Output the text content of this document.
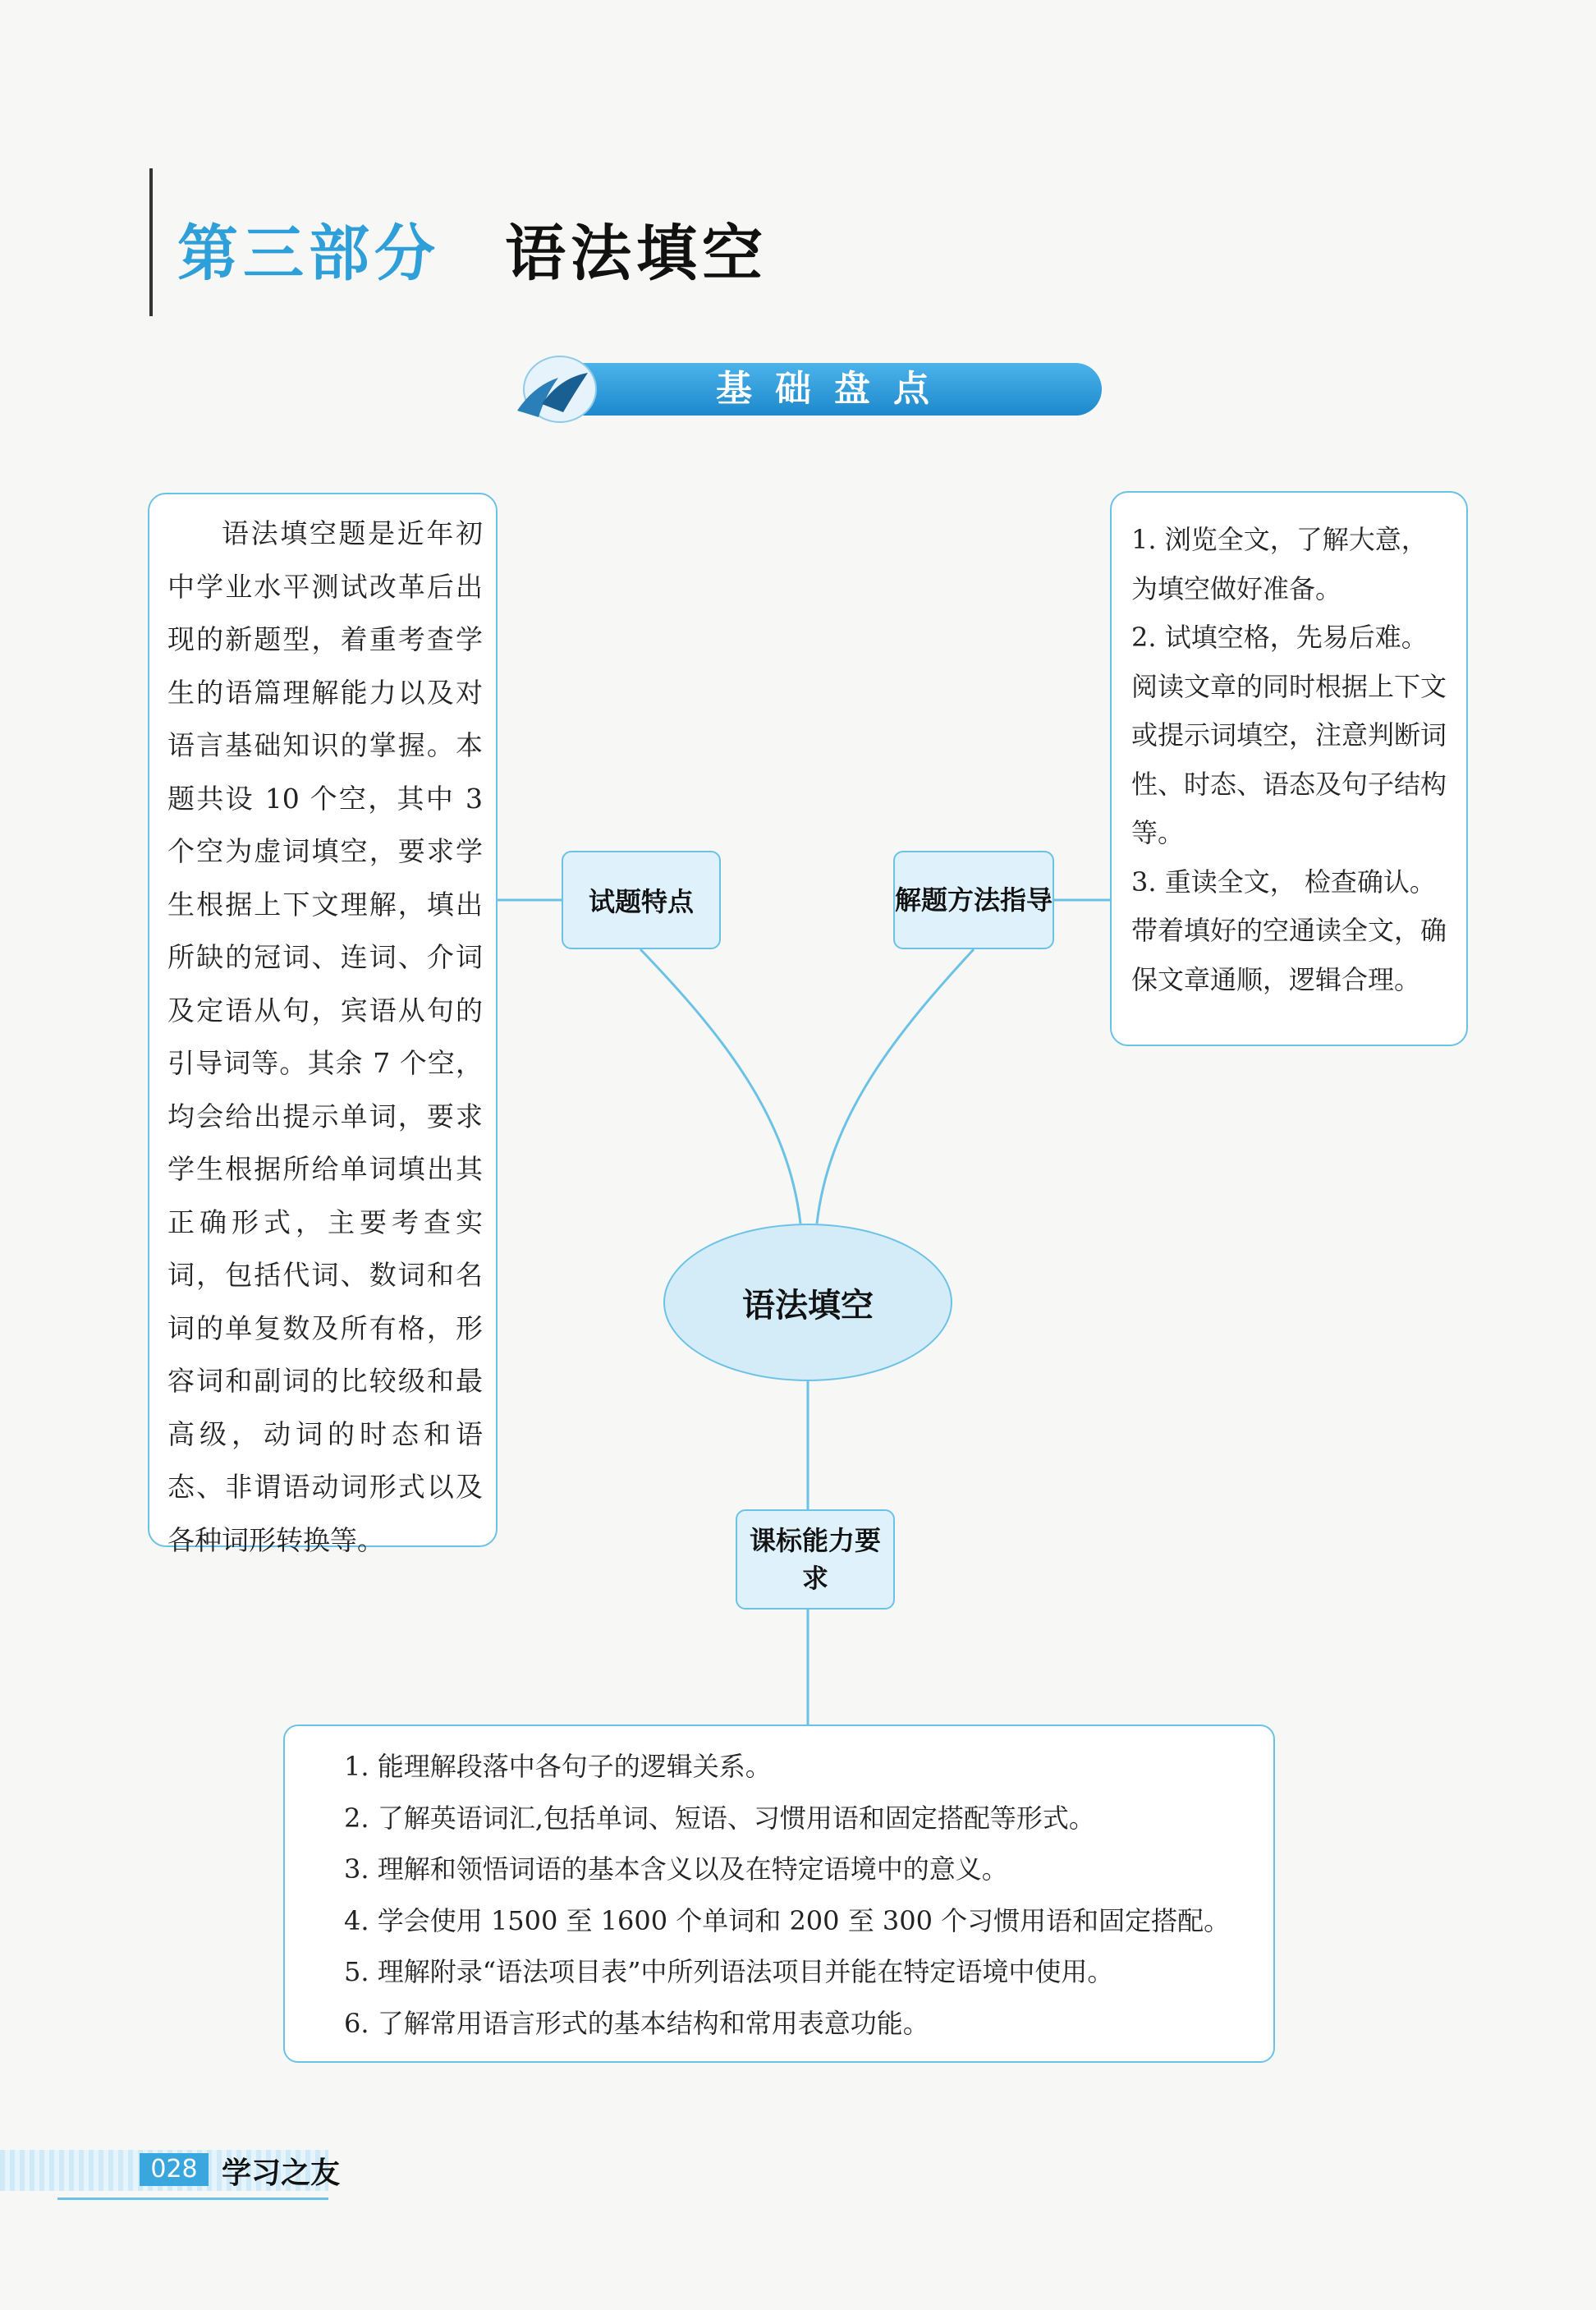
第三部分 语法填空
基础盘点

语法填空题是近年初中学业水平测试改革后出现的新题型，着重考查学生的语篇理解能力以及对语言基础知识的掌握。本题共设 10 个空，其中 3 个空为虚词填空，要求学生根据上下文理解，填出所缺的冠词、连词、介词及定语从句，宾语从句的引导词等。其余 7 个空，均会给出提示单词，要求学生根据所给单词填出其正确形式，主要考查实词，包括代词、数词和名词的单复数及所有格，形容词和副词的比较级和最高级，动词的时态和语态、非谓语动词形式以及各种词形转换等。

1. 浏览全文，了解大意，为填空做好准备。

2. 试填空格，先易后难。阅读文章的同时根据上下文或提示词填空，注意判断词性、时态、语态及句子结构等。

3. 重读全文， 检查确认。带着填好的空通读全文，确保文章通顺，逻辑合理。

试题特点	解题方法指导
语法填空
课标能力要求

1. 能理解段落中各句子的逻辑关系。

2. 了解英语词汇,包括单词、短语、习惯用语和固定搭配等形式。

3. 理解和领悟词语的基本含义以及在特定语境中的意义。

4. 学会使用 1500 至 1600 个单词和 200 至 300 个习惯用语和固定搭配。

5. 理解附录“语法项目表”中所列语法项目并能在特定语境中使用。

6. 了解常用语言形式的基本结构和常用表意功能。

028 学习之友
